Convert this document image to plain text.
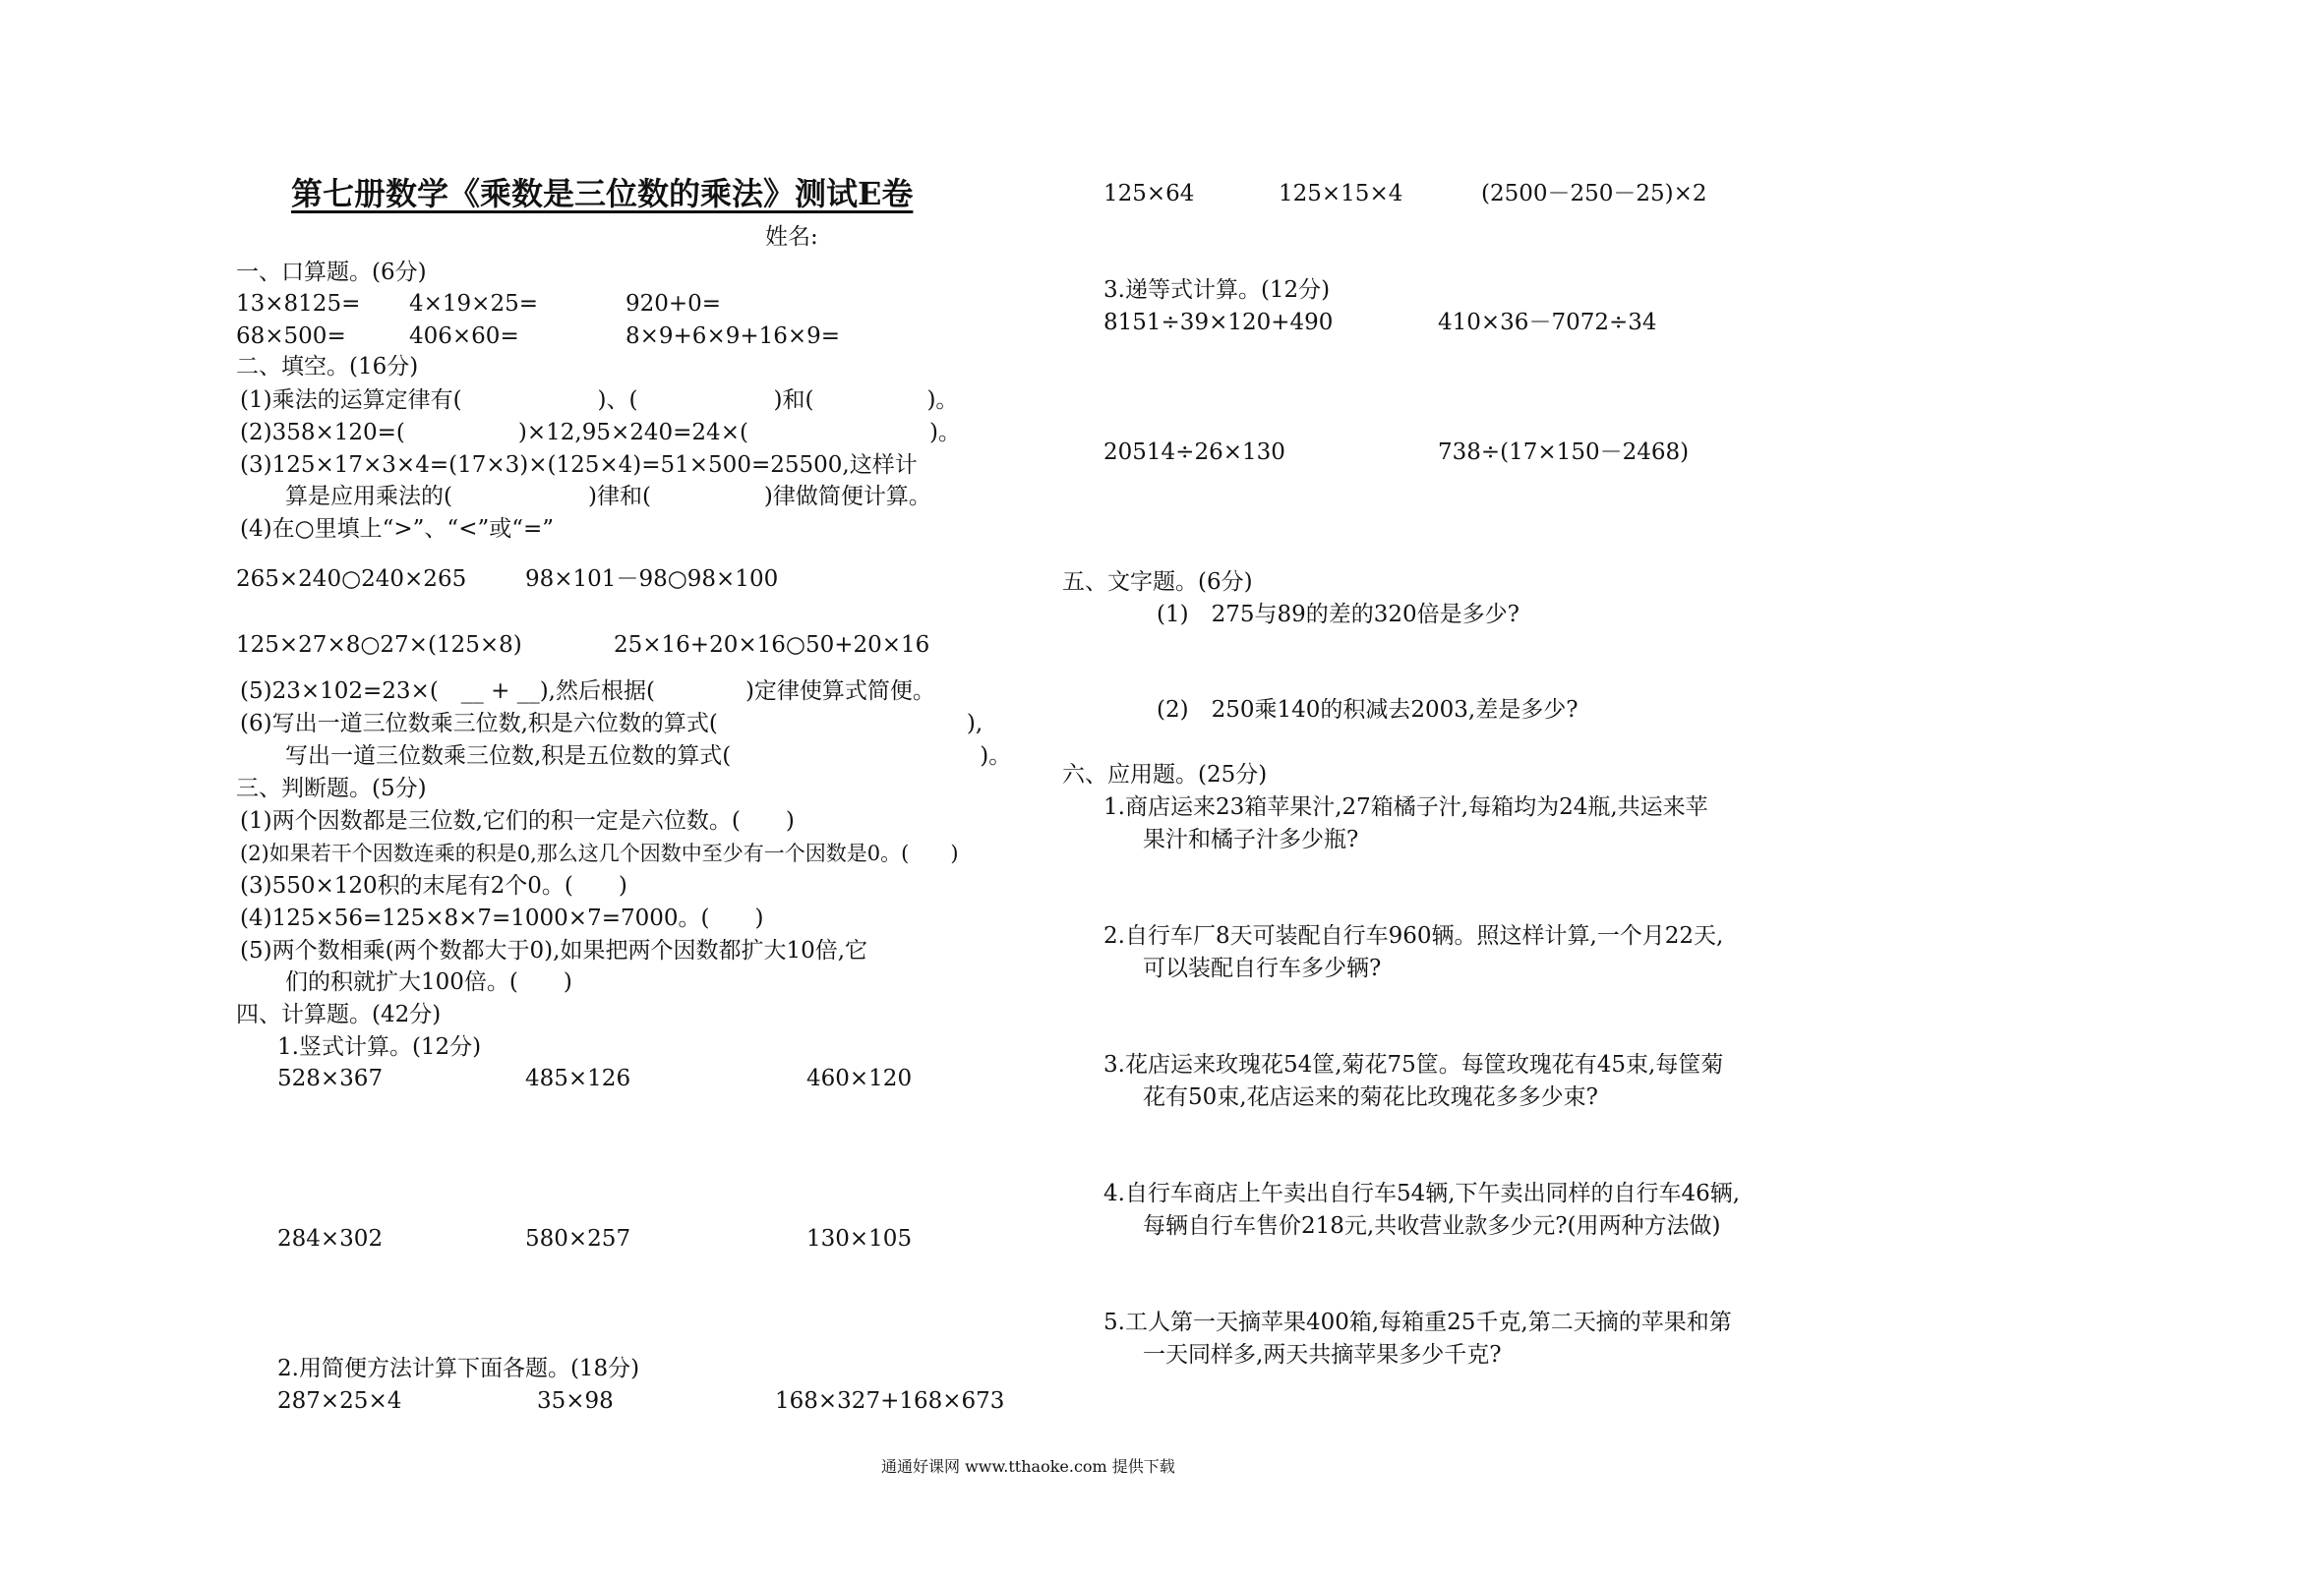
第七册数学《乘数是三位数的乘法》测试E卷
姓名:
一、口算题。(6分)
13×8125= 4×19×25=	920+0=
68×500=	406×60=	8×9+6×9+16×9=
二、填空。(16分)
(1)乘法的运算定律有(　　　　　　)、(　　　　　　)和(　　　　　)。
(2)358×120=(　　　　　)×12,95×240=24×(　　　　　　　　)。
(3)125×17×3×4=(17×3)×(125×4)=51×500=25500,这样计
算是应用乘法的(　　　　　　)律和(　　　　　)律做简便计算。
(4)在○里填上“>”、“<”或“=”
265×240○240×265	98×101－98○98×100
125×27×8○27×(125×8)	25×16+20×16○50+20×16
(5)23×102=23×(　__ + __),然后根据(　　　　)定律使算式简便。
(6)写出一道三位数乘三位数,积是六位数的算式(　　　　　　　　　　　),
写出一道三位数乘三位数,积是五位数的算式(　　　　　　　　　　　)。
三、判断题。(5分)
(1)两个因数都是三位数,它们的积一定是六位数。(　　)
(2)如果若干个因数连乘的积是0,那么这几个因数中至少有一个因数是0。(　　)
(3)550×120积的末尾有2个0。(　　)
(4)125×56=125×8×7=1000×7=7000。(　　)
(5)两个数相乘(两个数都大于0),如果把两个因数都扩大10倍,它
们的积就扩大100倍。(　　)
四、计算题。(42分)
1.竖式计算。(12分)
528×367	485×126	460×120
284×302	580×257	130×105
2.用简便方法计算下面各题。(18分)
287×25×4	35×98	168×327+168×673
125×64	125×15×4	(2500－250－25)×2
3.递等式计算。(12分)
8151÷39×120+490	410×36－7072÷34
20514÷26×130	738÷(17×150－2468)
五、文字题。(6分)
(1)　275与89的差的320倍是多少?
(2)　250乘140的积减去2003,差是多少?
六、应用题。(25分)
1.商店运来23箱苹果汁,27箱橘子汁,每箱均为24瓶,共运来苹
果汁和橘子汁多少瓶?
2.自行车厂8天可装配自行车960辆。照这样计算,一个月22天,
可以装配自行车多少辆?
3.花店运来玫瑰花54筐,菊花75筐。每筐玫瑰花有45束,每筐菊
花有50束,花店运来的菊花比玫瑰花多多少束?
4.自行车商店上午卖出自行车54辆,下午卖出同样的自行车46辆,
每辆自行车售价218元,共收营业款多少元?(用两种方法做)
5.工人第一天摘苹果400箱,每箱重25千克,第二天摘的苹果和第
一天同样多,两天共摘苹果多少千克?
通通好课网 www.tthaoke.com 提供下载
